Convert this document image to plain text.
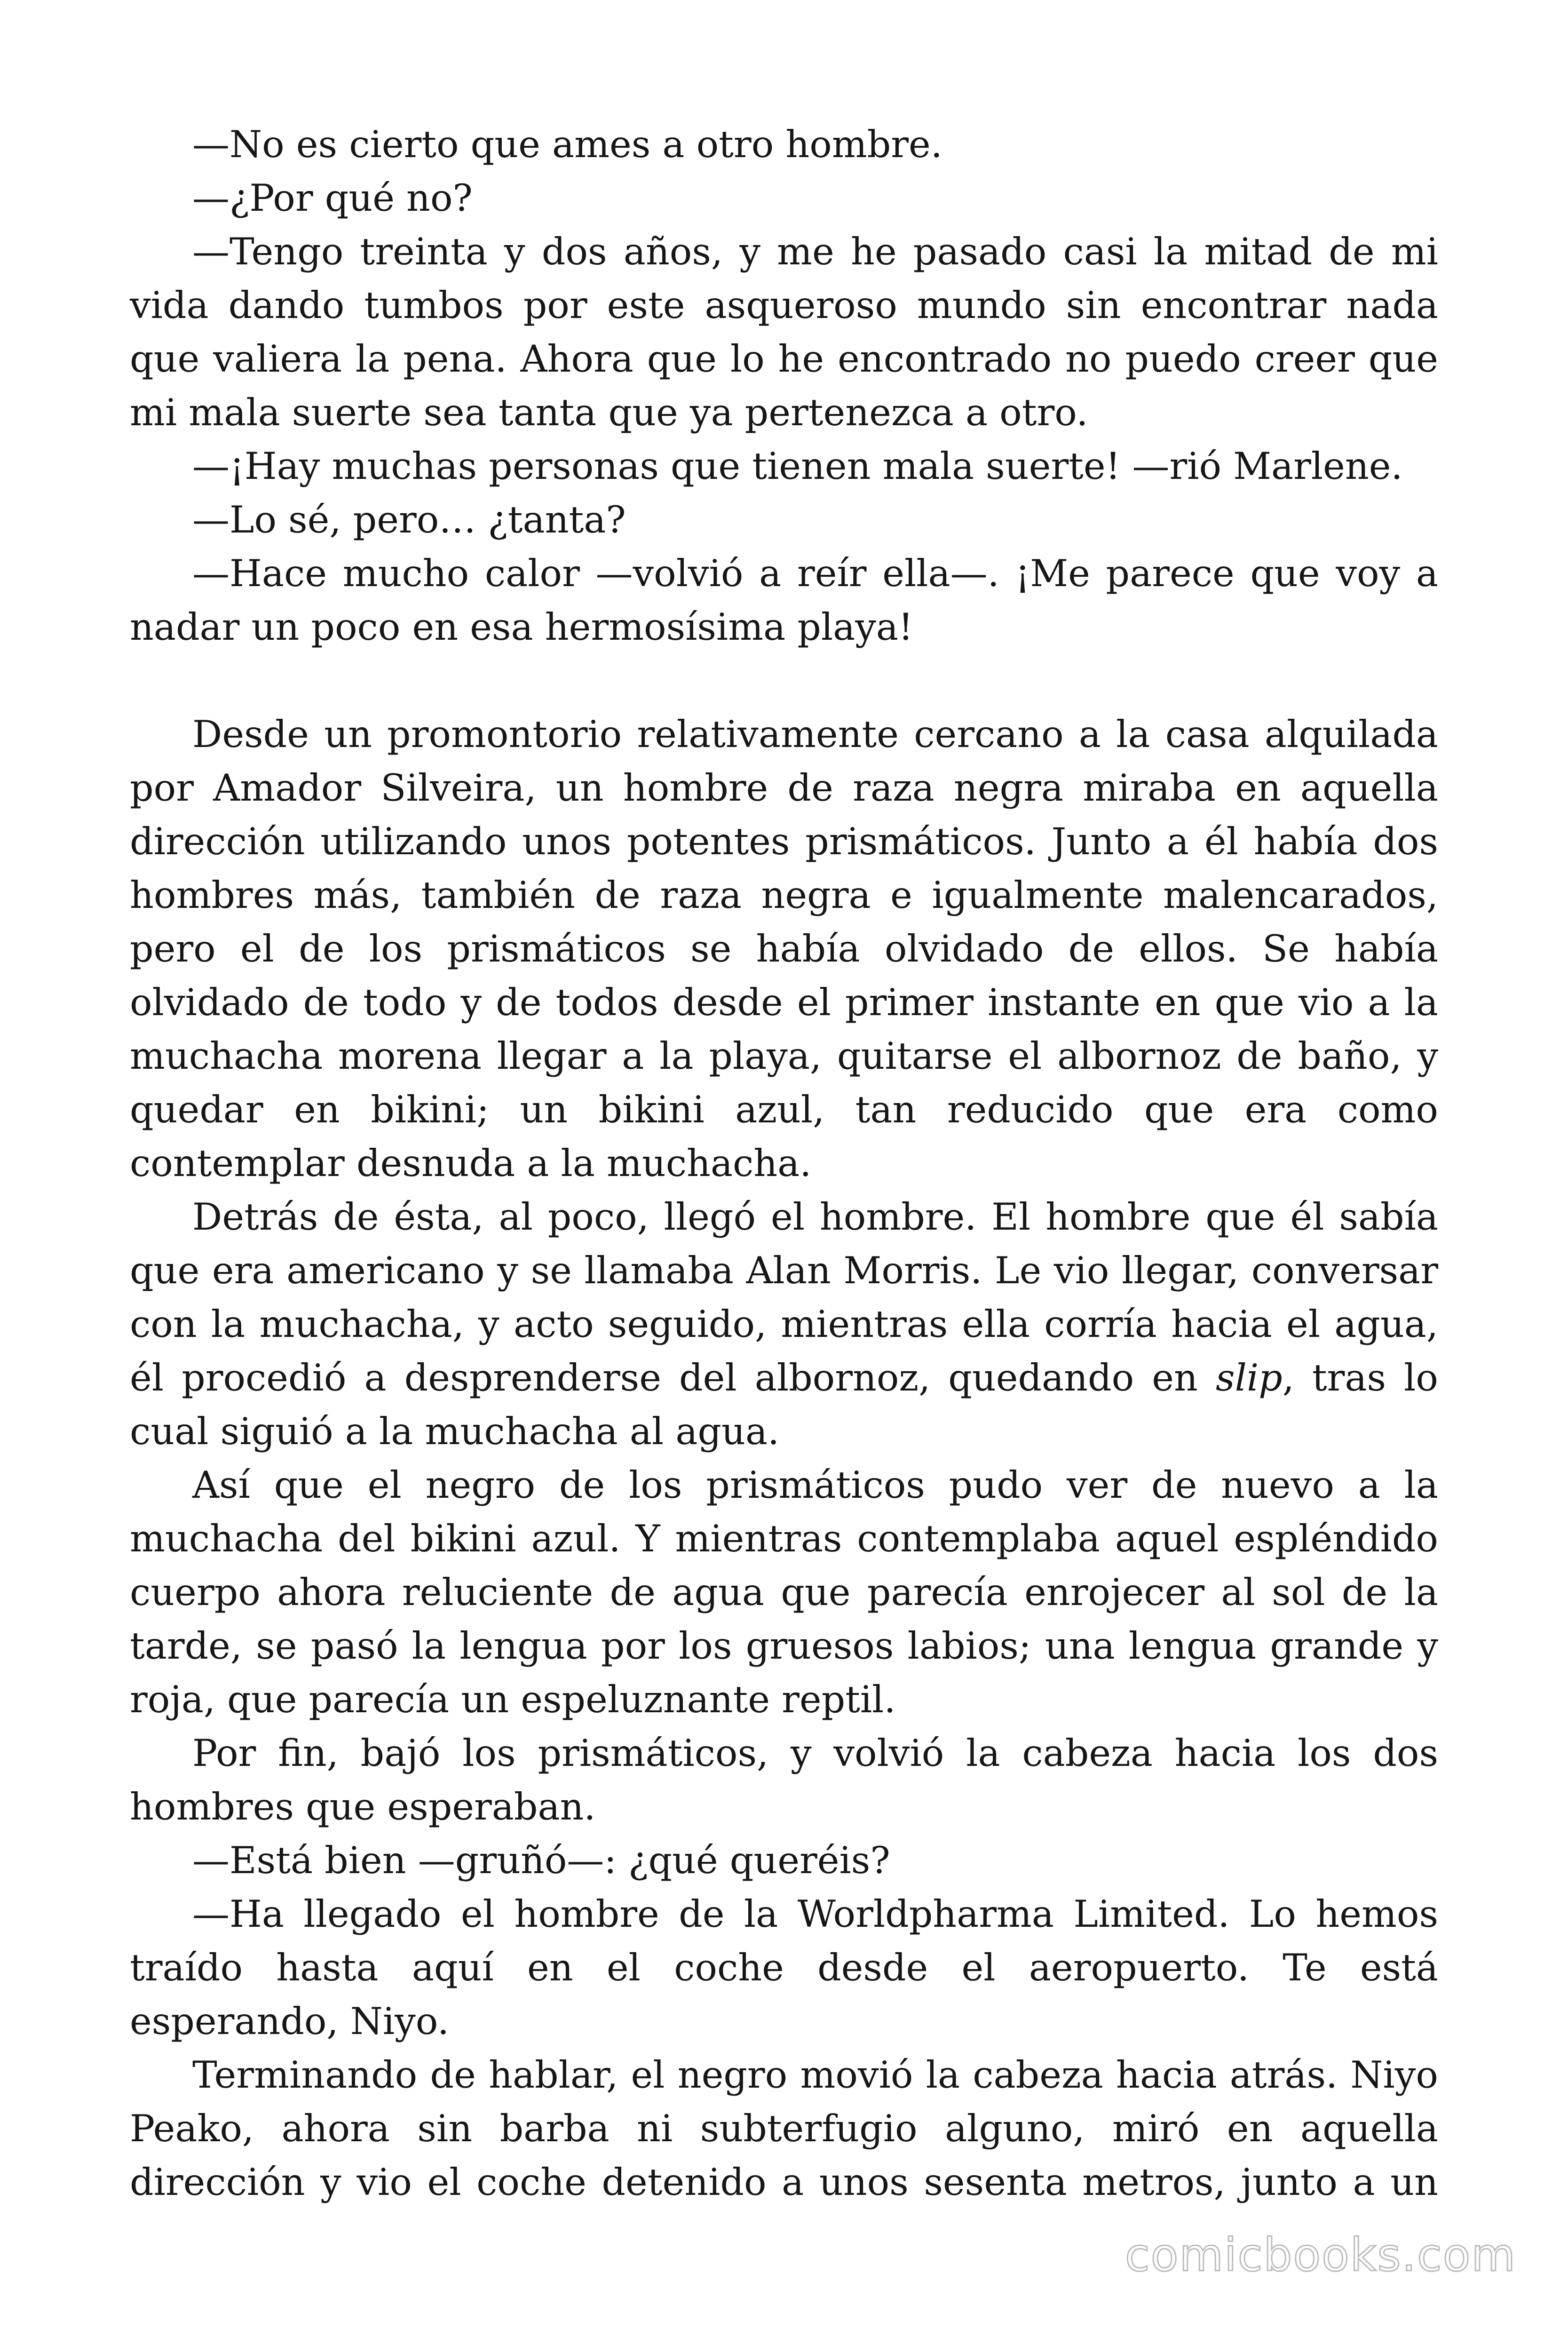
—No es cierto que ames a otro hombre.

—¿Por qué no?

—Tengo treinta y dos años, y me he pasado casi la mitad de mi vida dando tumbos por este asqueroso mundo sin encontrar nada que valiera la pena. Ahora que lo he encontrado no puedo creer que mi mala suerte sea tanta que ya pertenezca a otro.

—¡Hay muchas personas que tienen mala suerte! —rió Marlene.

—Lo sé, pero… ¿tanta?

—Hace mucho calor —volvió a reír ella—. ¡Me parece que voy a nadar un poco en esa hermosísima playa!

Desde un promontorio relativamente cercano a la casa alquilada por Amador Silveira, un hombre de raza negra miraba en aquella dirección utilizando unos potentes prismáticos. Junto a él había dos hombres más, también de raza negra e igualmente malencarados, pero el de los prismáticos se había olvidado de ellos. Se había olvidado de todo y de todos desde el primer instante en que vio a la muchacha morena llegar a la playa, quitarse el albornoz de baño, y quedar en bikini; un bikini azul, tan reducido que era como contemplar desnuda a la muchacha.

Detrás de ésta, al poco, llegó el hombre. El hombre que él sabía que era americano y se llamaba Alan Morris. Le vio llegar, conversar con la muchacha, y acto seguido, mientras ella corría hacia el agua, él procedió a desprenderse del albornoz, quedando en slip, tras lo cual siguió a la muchacha al agua.

Así que el negro de los prismáticos pudo ver de nuevo a la muchacha del bikini azul. Y mientras contemplaba aquel espléndido cuerpo ahora reluciente de agua que parecía enrojecer al sol de la tarde, se pasó la lengua por los gruesos labios; una lengua grande y roja, que parecía un espeluznante reptil.

Por fin, bajó los prismáticos, y volvió la cabeza hacia los dos hombres que esperaban.

—Está bien —gruñó—: ¿qué queréis?

—Ha llegado el hombre de la Worldpharma Limited. Lo hemos traído hasta aquí en el coche desde el aeropuerto. Te está esperando, Niyo.

Terminando de hablar, el negro movió la cabeza hacia atrás. Niyo Peako, ahora sin barba ni subterfugio alguno, miró en aquella dirección y vio el coche detenido a unos sesenta metros, junto a un

comicbooks.com
